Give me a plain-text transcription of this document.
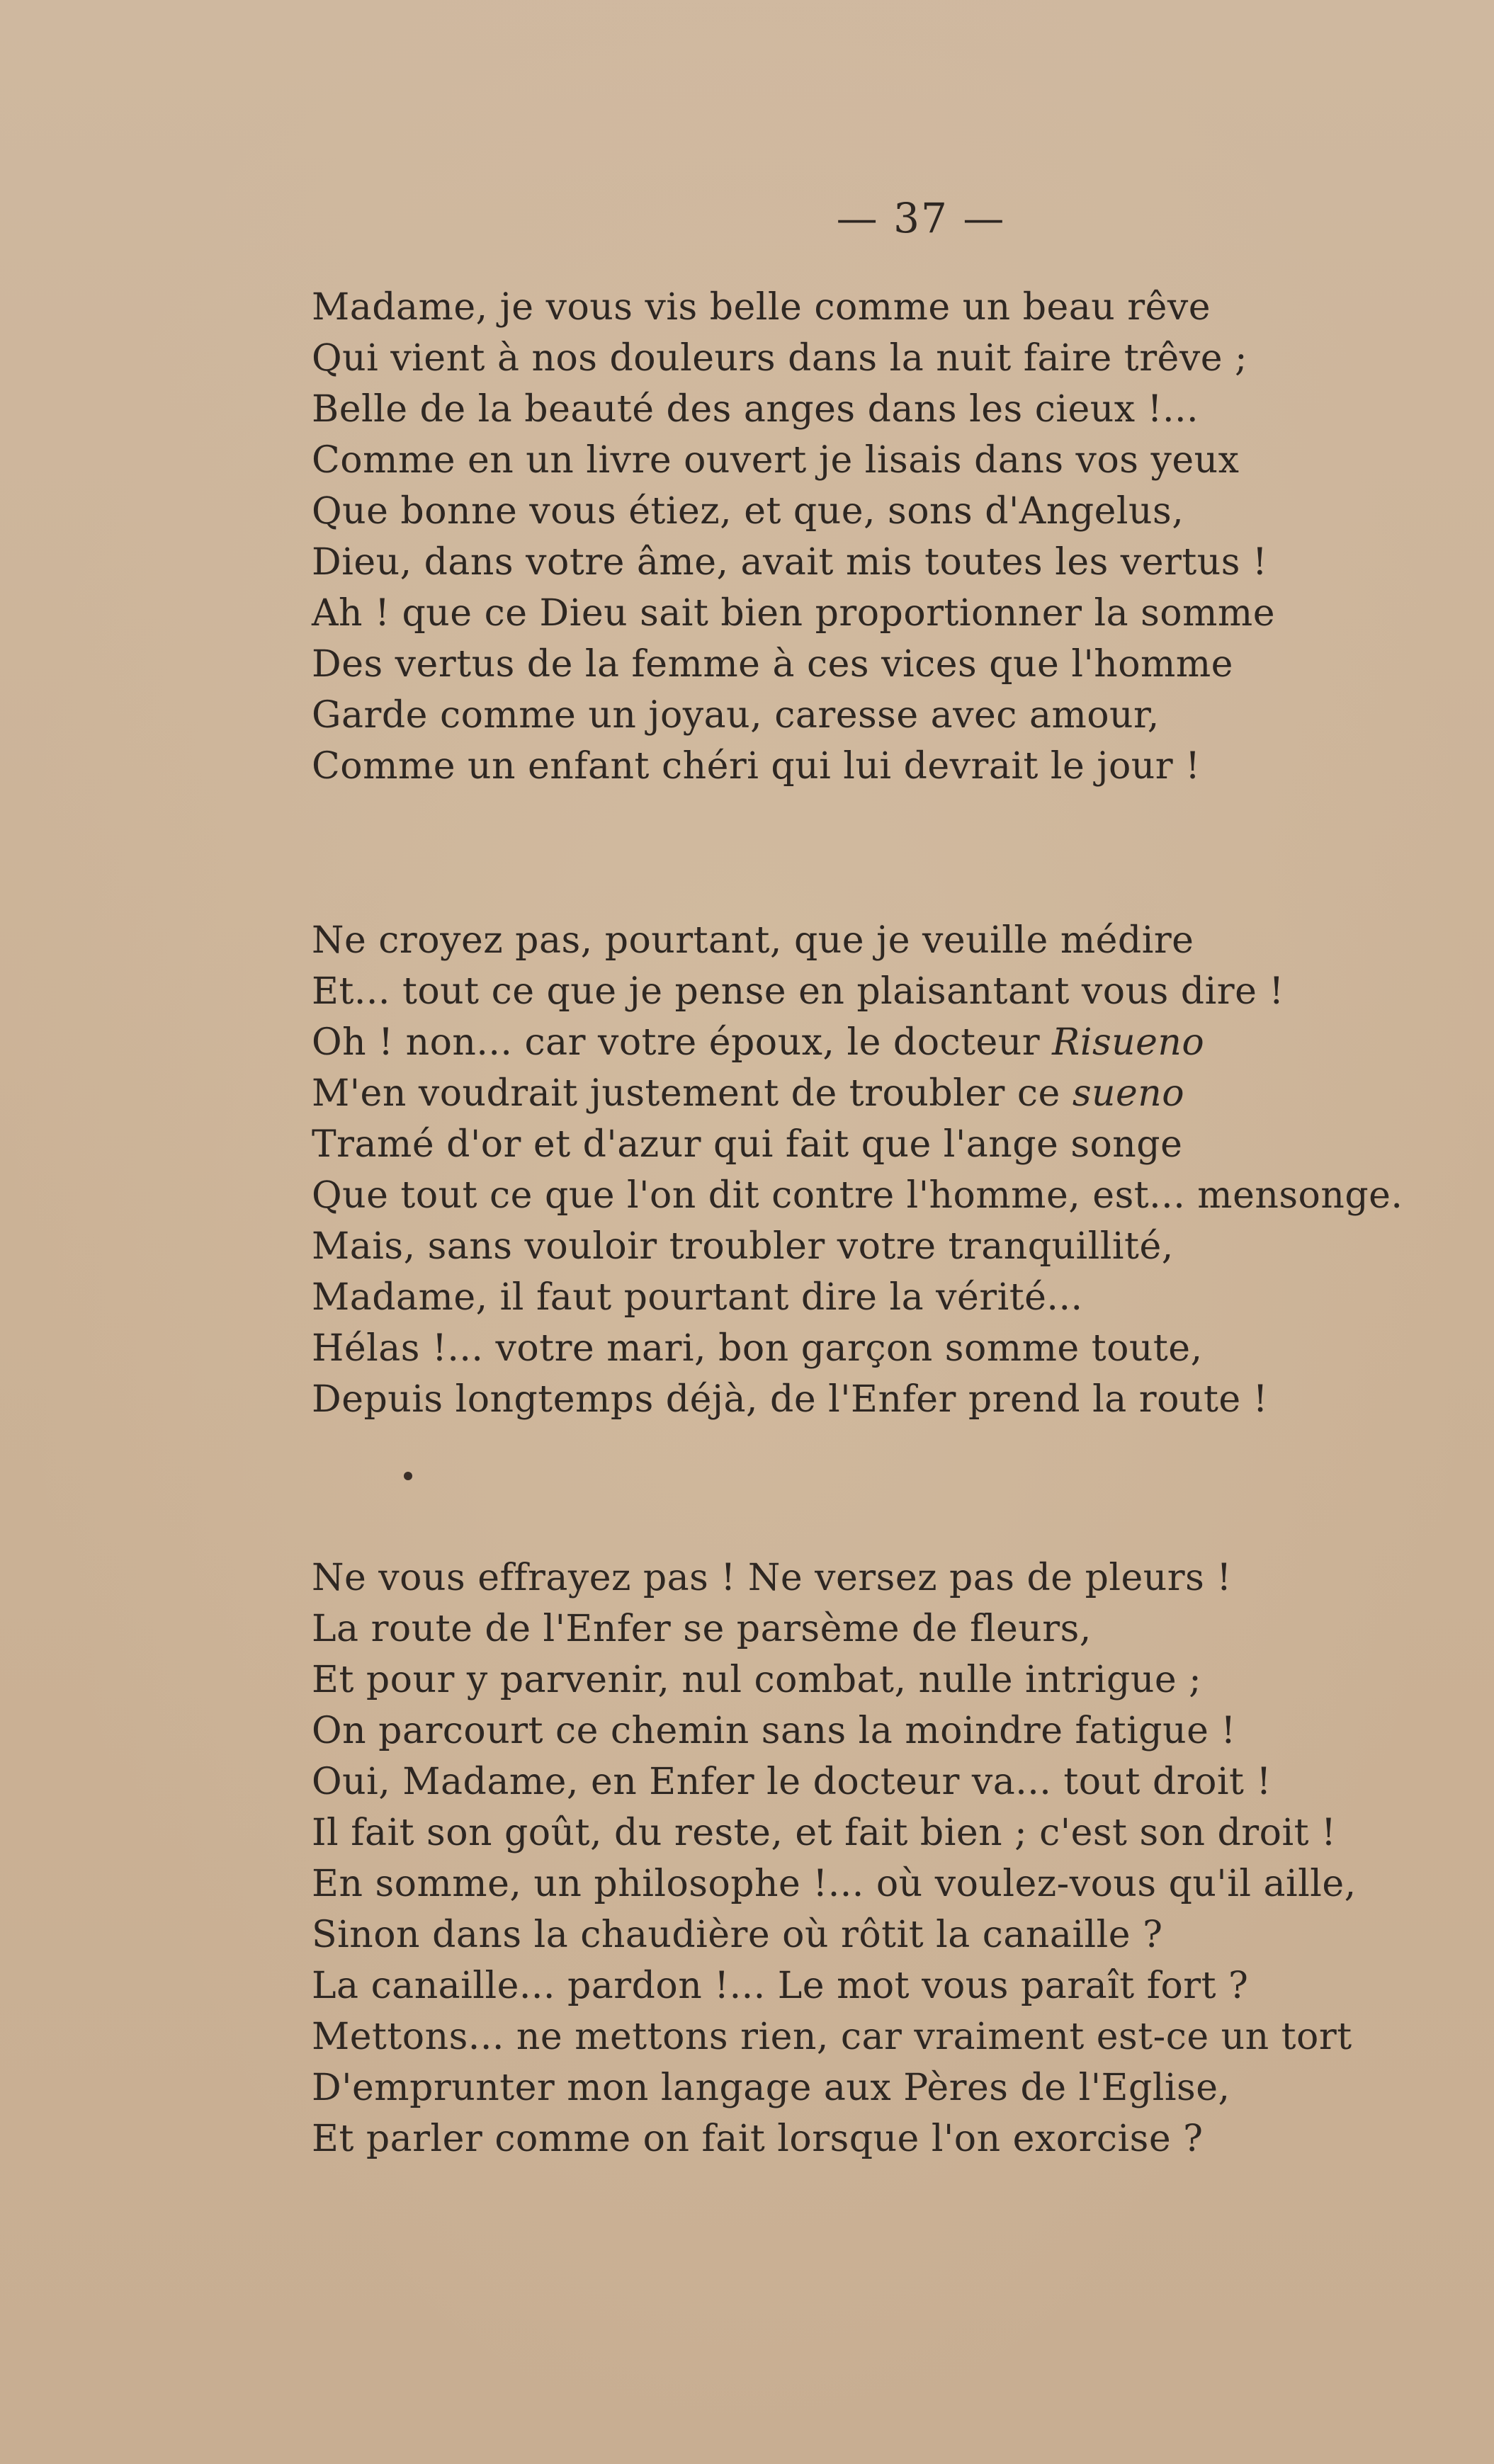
— 37 —
Madame, je vous vis belle comme un beau rêve
Qui vient à nos douleurs dans la nuit faire trêve ;
Belle de la beauté des anges dans les cieux !...
Comme en un livre ouvert je lisais dans vos yeux
Que bonne vous étiez, et que, sons d'Angelus,
Dieu, dans votre âme, avait mis toutes les vertus !
Ah ! que ce Dieu sait bien proportionner la somme
Des vertus de la femme à ces vices que l'homme
Garde comme un joyau, caresse avec amour,
Comme un enfant chéri qui lui devrait le jour !
Ne croyez pas, pourtant, que je veuille médire
Et... tout ce que je pense en plaisantant vous dire !
Oh ! non... car votre époux, le docteur Risueno
M'en voudrait justement de troubler ce sueno
Tramé d'or et d'azur qui fait que l'ange songe
Que tout ce que l'on dit contre l'homme, est... mensonge.
Mais, sans vouloir troubler votre tranquillité,
Madame, il faut pourtant dire la vérité...
Hélas !... votre mari, bon garçon somme toute,
Depuis longtemps déjà, de l'Enfer prend la route !
Ne vous effrayez pas ! Ne versez pas de pleurs !
La route de l'Enfer se parsème de fleurs,
Et pour y parvenir, nul combat, nulle intrigue ;
On parcourt ce chemin sans la moindre fatigue !
Oui, Madame, en Enfer le docteur va... tout droit !
Il fait son goût, du reste, et fait bien ; c'est son droit !
En somme, un philosophe !... où voulez-vous qu'il aille,
Sinon dans la chaudière où rôtit la canaille ?
La canaille... pardon !... Le mot vous paraît fort ?
Mettons... ne mettons rien, car vraiment est-ce un tort
D'emprunter mon langage aux Pères de l'Eglise,
Et parler comme on fait lorsque l'on exorcise ?
